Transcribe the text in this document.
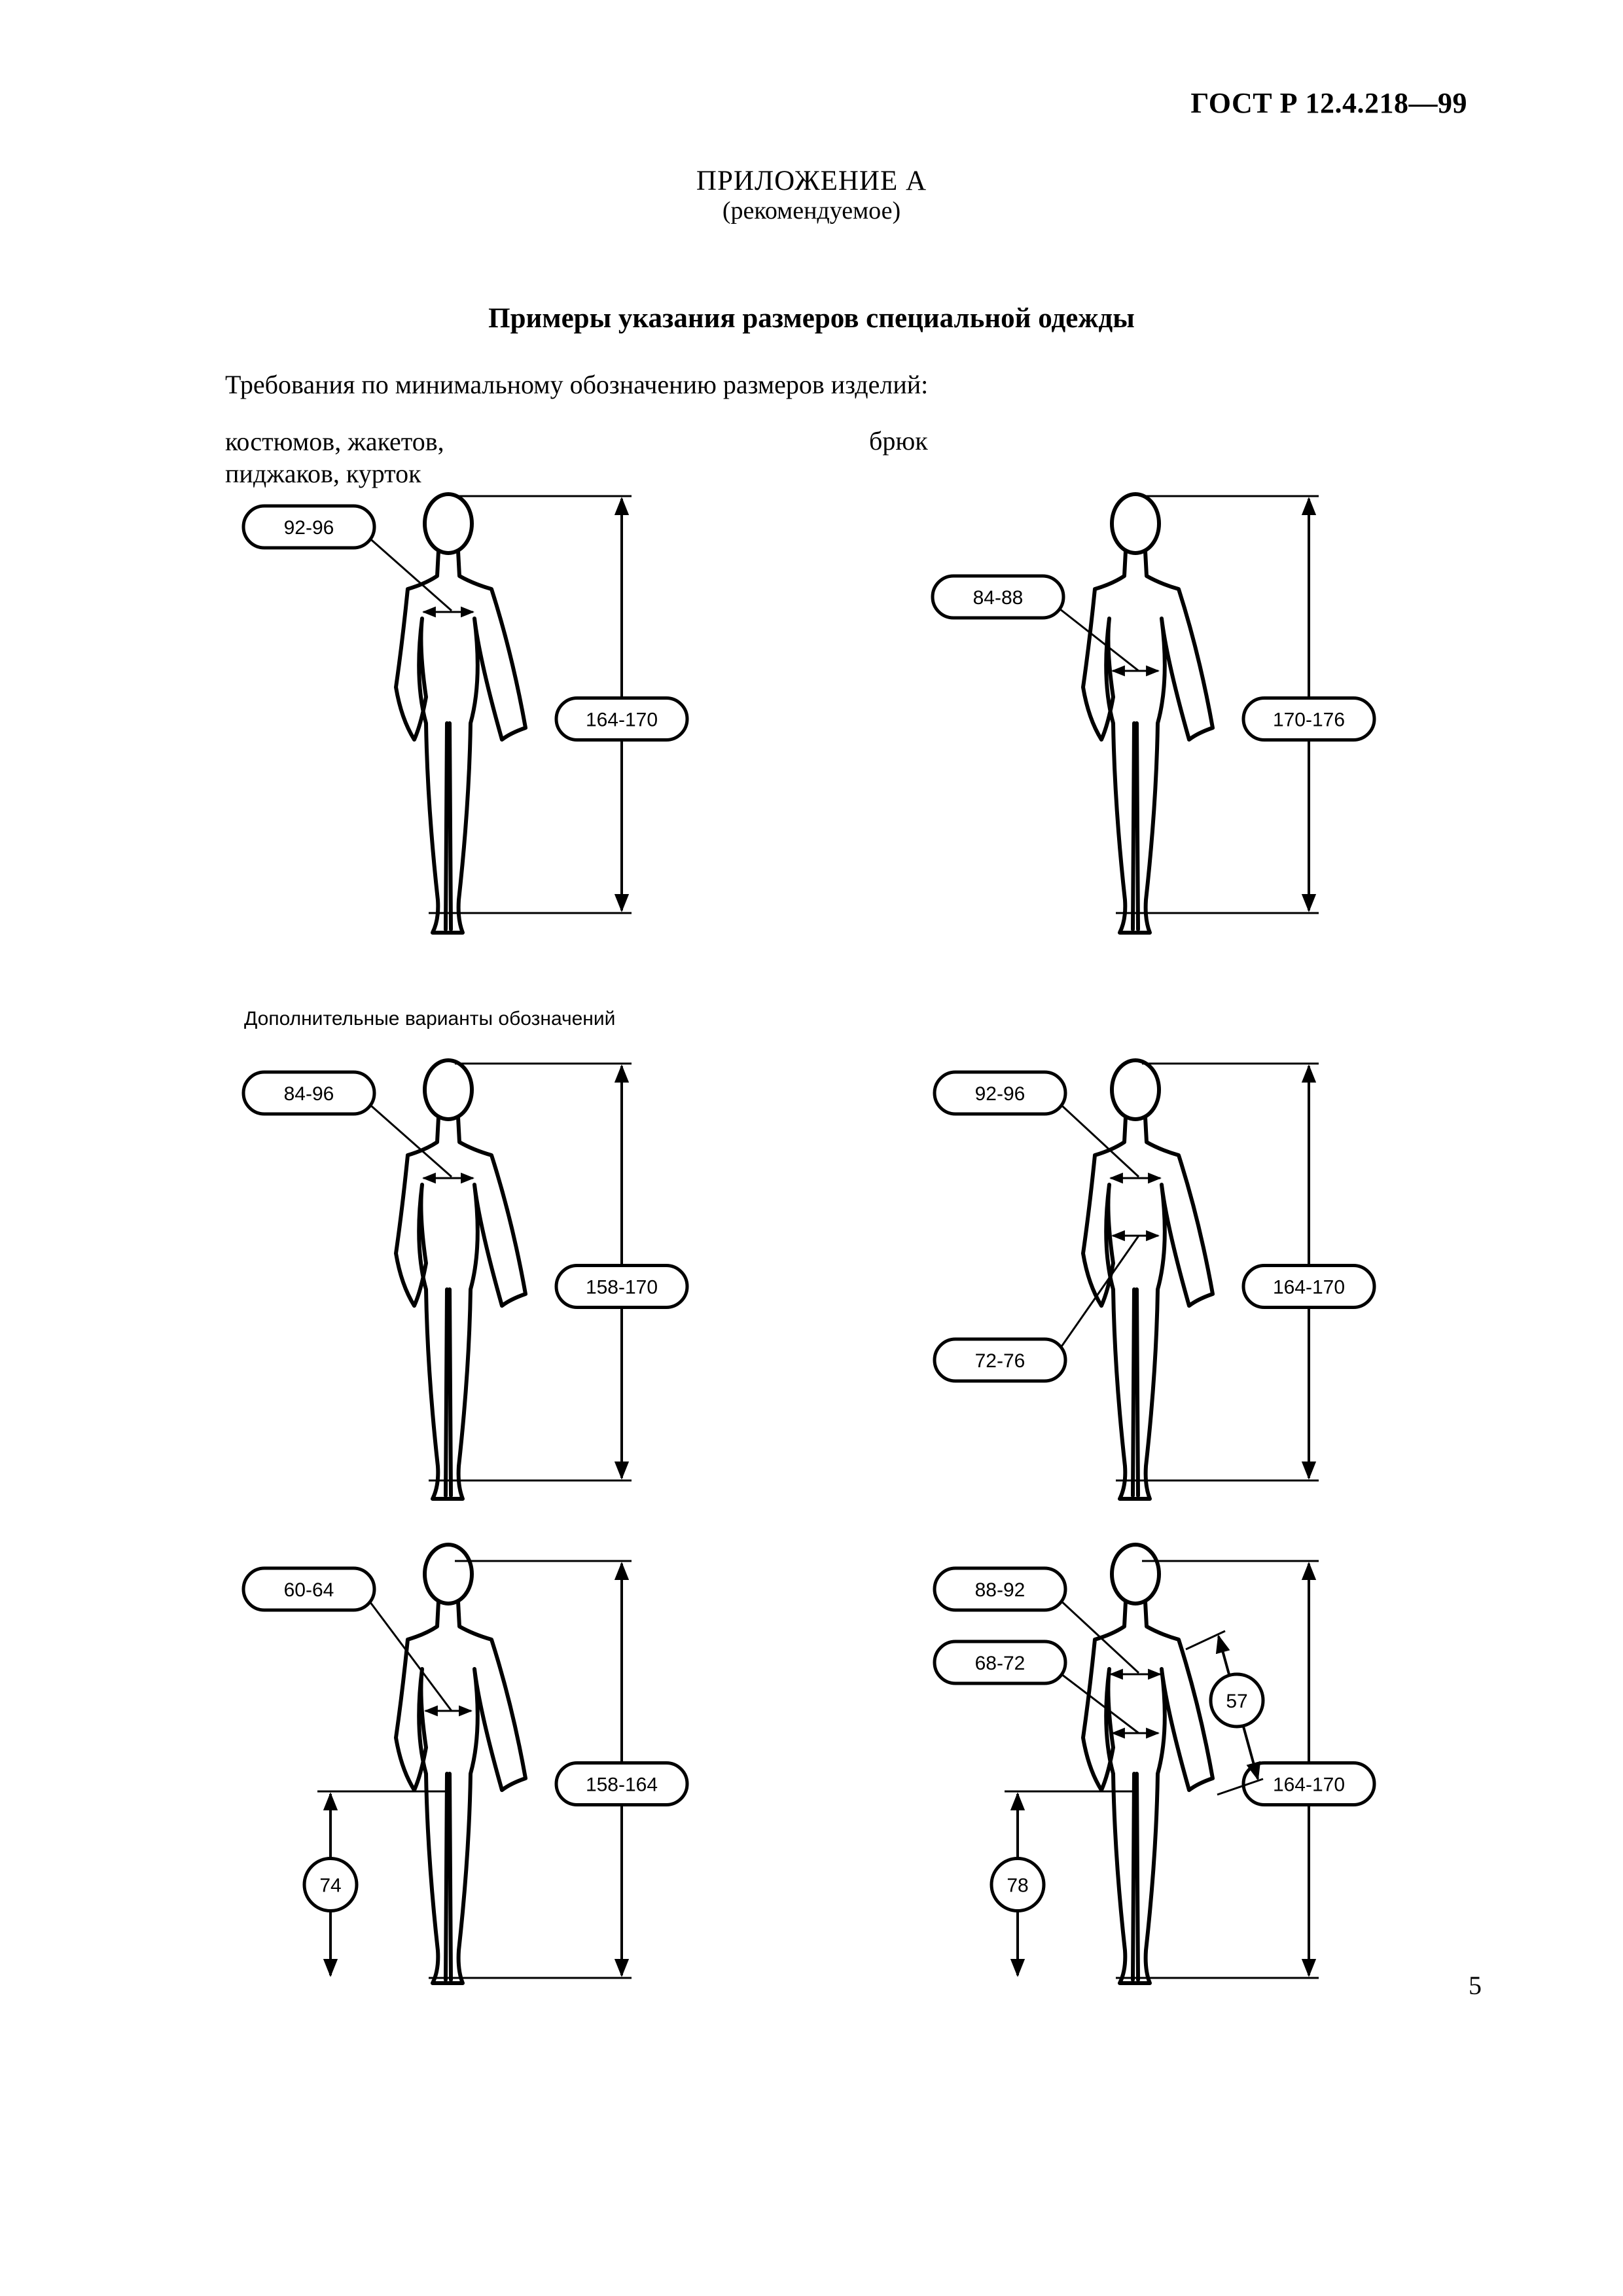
ГОСТ Р 12.4.218—99
ПРИЛОЖЕНИЕ А
(рекомендуемое)
Примеры указания размеров специальной одежды
Требования по минимальному обозначению размеров изделий:
костюмов, жакетов,
пиджаков, курток
брюк
Дополнительные варианты обозначений
5
164-170
92-96
170-176
84-88
158-170
84-96
164-170
92-96
72-76
158-164
60-64
74
164-170
88-92
68-72
78
57
